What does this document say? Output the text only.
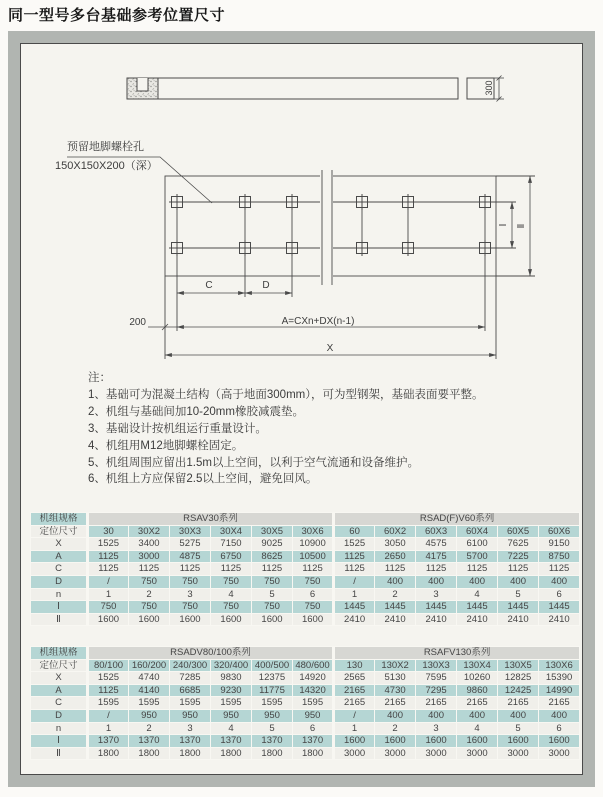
同一型号多台基础参考位置尺寸
预留地脚螺栓孔
150X150X200（深）
300
C	D
200	A=CXn+DX(n-1)
X
Ⅰ Ⅱ

注：

1、基础可为混凝土结构（高于地面300mm），可为型钢架，基础表面要平整。

2、机组与基础间加10-20mm橡胶减震垫。

3、基础设计按机组运行重量设计。

4、机组用M12地脚螺栓固定。

5、机组周围应留出1.5m以上空间，以利于空气流通和设备维护。

6、机组上方应保留2.5以上空间，避免回风。

机组规格	RSAV30系列						RSAD(F)V60系列					
定位尺寸	30	30X2	30X3	30X4	30X5	30X6	60	60X2	60X3	60X4	60X5	60X6
X	1525	3400	5275	7150	9025	10900	1525	3050	4575	6100	7625	9150
A	1125	3000	4875	6750	8625	10500	1125	2650	4175	5700	7225	8750
C	1125	1125	1125	1125	1125	1125	1125	1125	1125	1125	1125	1125
D	/	750	750	750	750	750	/	400	400	400	400	400
n	1	2	3	4	5	6	1	2	3	4	5	6
Ⅰ	750	750	750	750	750	750	1445	1445	1445	1445	1445	1445
Ⅱ	1600	1600	1600	1600	1600	1600	2410	2410	2410	2410	2410	2410
机组规格	RSADV80/100系列						RSAFV130系列					
定位尺寸	80/100	160/200	240/300	320/400	400/500	480/600	130	130X2	130X3	130X4	130X5	130X6
X	1525	4740	7285	9830	12375	14920	2565	5130	7595	10260	12825	15390
A	1125	4140	6685	9230	11775	14320	2165	4730	7295	9860	12425	14990
C	1595	1595	1595	1595	1595	1595	2165	2165	2165	2165	2165	2165
D	/	950	950	950	950	950	/	400	400	400	400	400
n	1	2	3	4	5	6	1	2	3	4	5	6
Ⅰ	1370	1370	1370	1370	1370	1370	1600	1600	1600	1600	1600	1600
Ⅱ	1800	1800	1800	1800	1800	1800	3000	3000	3000	3000	3000	3000
